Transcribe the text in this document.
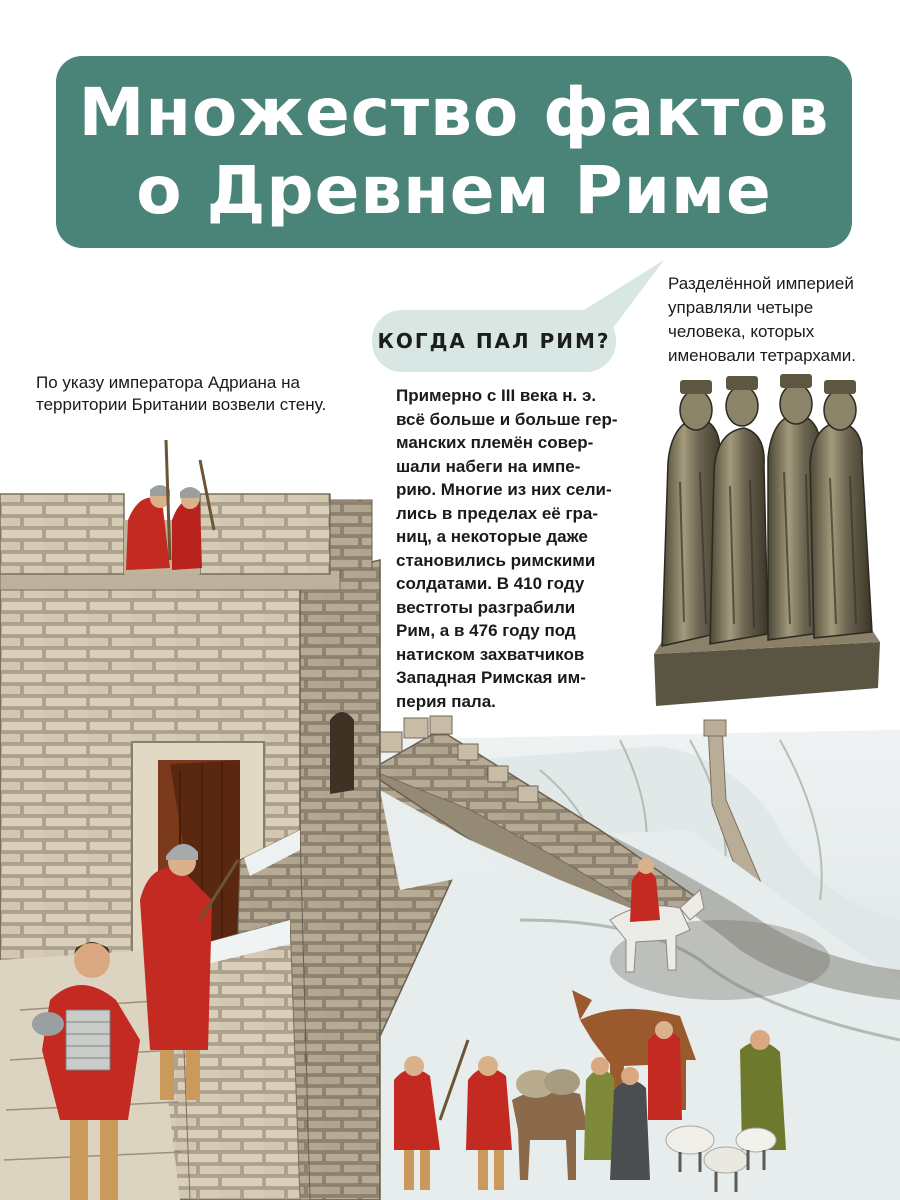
Множество фактов
о Древнем Риме
По указу императора Адриана на территории Британии возвели стену.
Разделённой империей управляли четыре человека, которых именовали тетрархами.
КОГДА ПАЛ РИМ?
Примерно с III века н. э.
всё больше и больше гер-
манских племён совер-
шали набеги на импе-
рию. Многие из них сели-
лись в пределах её гра-
ниц, а некоторые даже
становились римскими
солдатами. В 410 году
вестготы разграбили
Рим, а в 476 году под
натиском захватчиков
Западная Римская им-
перия пала.
